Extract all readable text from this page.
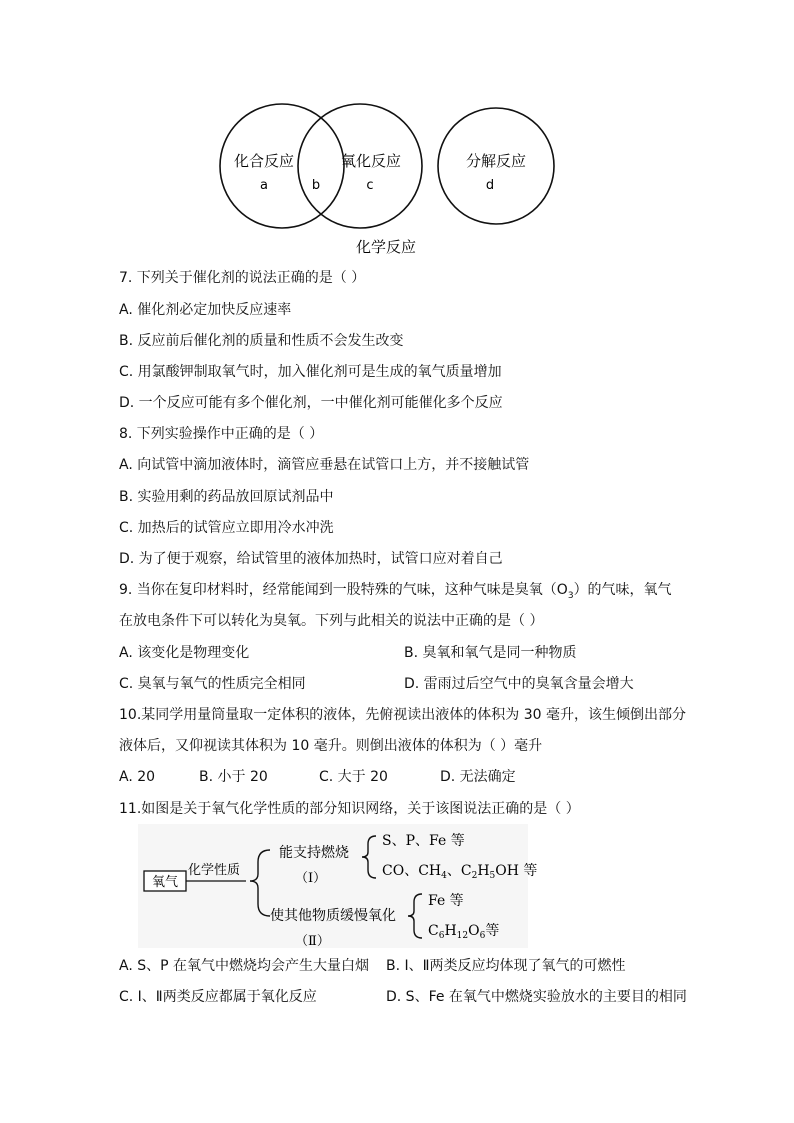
化合反应
a	b
氧化反应
c
分解反应
d
化学反应
7. 下列关于催化剂的说法正确的是（ ）
A. 催化剂必定加快反应速率
B. 反应前后催化剂的质量和性质不会发生改变
C. 用氯酸钾制取氧气时，加入催化剂可是生成的氧气质量增加
D. 一个反应可能有多个催化剂，一中催化剂可能催化多个反应
8. 下列实验操作中正确的是（ ）
A. 向试管中滴加液体时，滴管应垂悬在试管口上方，并不接触试管
B. 实验用剩的药品放回原试剂品中
C. 加热后的试管应立即用冷水冲洗
D. 为了便于观察，给试管里的液体加热时，试管口应对着自己
9. 当你在复印材料时，经常能闻到一股特殊的气味，这种气味是臭氧$(O_3)$的气味，氧气
在放电条件下可以转化为臭氧。下列与此相关的说法中正确的是（ ）
A. 该变化是物理变化	B. 臭氧和氧气是同一种物质
C. 臭氧与氧气的性质完全相同	D. 雷雨过后空气中的臭氧含量会增大
10.某同学用量筒量取一定体积的液体，先俯视读出液体的体积为 30 毫升，该生倾倒出部分
液体后，又仰视读其体积为 10 毫升。则倒出液体的体积为（ ）毫升
A. 20	B. 小于 20	C. 大于 20	D. 无法确定
11.如图是关于氧气化学性质的部分知识网络，关于该图说法正确的是（ ）
氧气
化学性质
能支持燃烧
（Ⅰ）
S、P、Fe 等
CO、$CH_4$、$C_2H_5OH$ 等
使其他物质缓慢氧化
（Ⅱ）
Fe 等
$C_6H_{12}O_6$等
A. S、P 在氧气中燃烧均会产生大量白烟 B. Ⅰ、Ⅱ两类反应均体现了氧气的可燃性
C. Ⅰ、Ⅱ两类反应都属于氧化反应	D. S、Fe 在氧气中燃烧实验放水的主要目的相同
